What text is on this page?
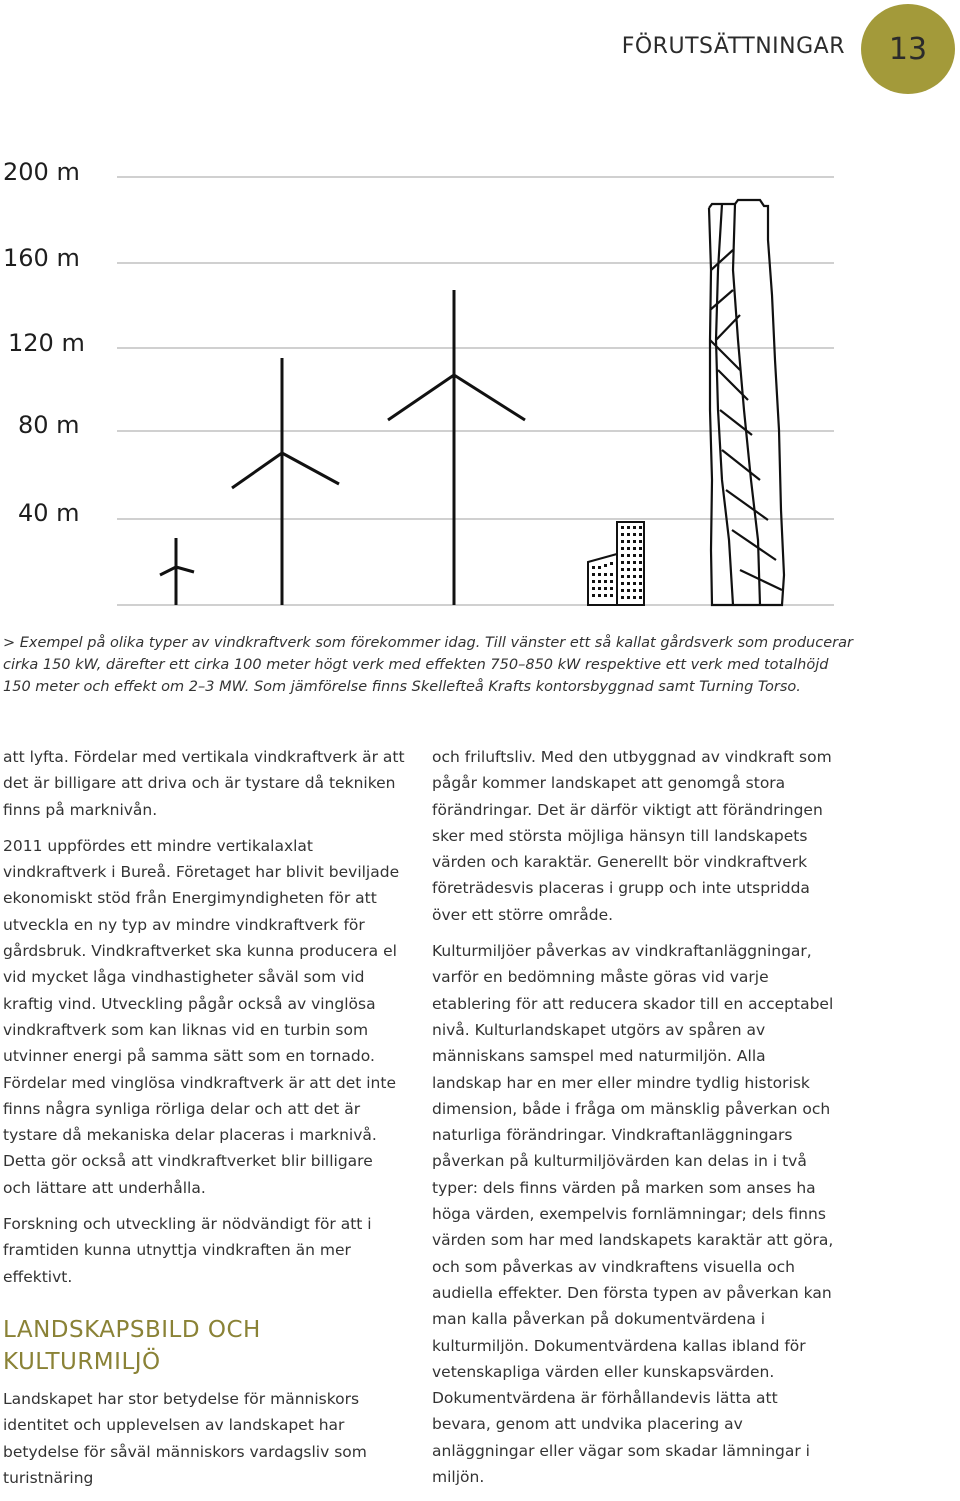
FÖRUTSÄTTNINGAR 13
200 m
160 m
120 m
80 m
40 m
> Exempel på olika typer av vindkraftverk som förekommer idag. Till vänster ett så kallat gårdsverk som producerar cirka 150 kW, därefter ett cirka 100 meter högt verk med effekten 750–850 kW respektive ett verk med totalhöjd 150 meter och effekt om 2–3 MW. Som jämförelse finns Skellefteå Krafts kontorsbyggnad samt Turning Torso.

att lyfta. Fördelar med vertikala vindkraftverk är att det är billigare att driva och är tystare då tekniken finns på marknivån.

2011 uppfördes ett mindre vertikalaxlat vindkraftverk i Bureå. Företaget har blivit beviljade ekonomiskt stöd från Energimyndigheten för att utveckla en ny typ av mindre vindkraftverk för gårdsbruk. Vindkraftverket ska kunna producera el vid mycket låga vindhastigheter såväl som vid kraftig vind. Utveckling pågår också av vinglösa vindkraftverk som kan liknas vid en turbin som utvinner energi på samma sätt som en tornado. Fördelar med vinglösa vindkraftverk är att det inte finns några synliga rörliga delar och att det är tystare då mekaniska delar placeras i marknivå. Detta gör också att vindkraftverket blir billigare och lättare att underhålla.

Forskning och utveckling är nödvändigt för att i framtiden kunna utnyttja vindkraften än mer effektivt.

LANDSKAPSBILD OCH
KULTURMILJÖ

Landskapet har stor betydelse för människors identitet och upplevelsen av landskapet har betydelse för såväl människors vardagsliv som turistnäring

och friluftsliv. Med den utbyggnad av vindkraft som pågår kommer landskapet att genomgå stora förändringar. Det är därför viktigt att förändringen sker med största möjliga hänsyn till landskapets värden och karaktär. Generellt bör vindkraftverk företrädesvis placeras i grupp och inte utspridda över ett större område.

Kulturmiljöer påverkas av vindkraftanläggningar, varför en bedömning måste göras vid varje etablering för att reducera skador till en acceptabel nivå. Kulturlandskapet utgörs av spåren av människans samspel med naturmiljön. Alla landskap har en mer eller mindre tydlig historisk dimension, både i fråga om mänsklig påverkan och naturliga förändringar. Vindkraftanläggningars påverkan på kulturmiljövärden kan delas in i två typer: dels finns värden på marken som anses ha höga värden, exempelvis fornlämningar; dels finns värden som har med landskapets karaktär att göra, och som påverkas av vindkraftens visuella och audiella effekter. Den första typen av påverkan kan man kalla påverkan på dokumentvärdena i kulturmiljön. Dokumentvärdena kallas ibland för vetenskapliga värden eller kunskapsvärden. Dokumentvärdena är förhållandevis lätta att bevara, genom att undvika placering av anläggningar eller vägar som skadar lämningar i miljön.
